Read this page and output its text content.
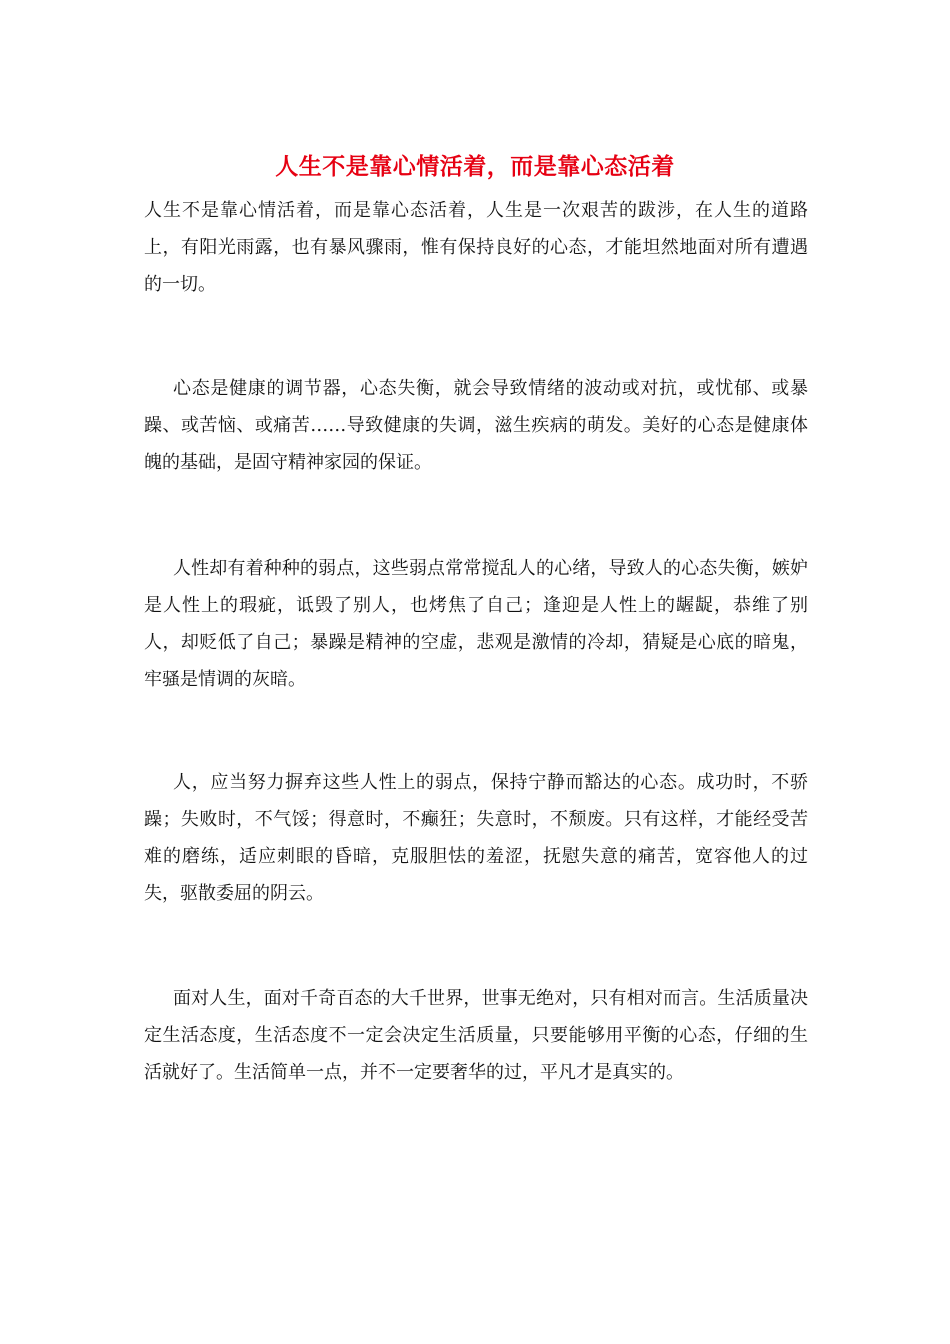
人生不是靠心情活着，而是靠心态活着

人生不是靠心情活着，而是靠心态活着，人生是一次艰苦的跋涉，在人生的道路上，有阳光雨露，也有暴风骤雨，惟有保持良好的心态，才能坦然地面对所有遭遇的一切。

心态是健康的调节器，心态失衡，就会导致情绪的波动或对抗，或忧郁、或暴躁、或苦恼、或痛苦……导致健康的失调，滋生疾病的萌发。美好的心态是健康体魄的基础，是固守精神家园的保证。

人性却有着种种的弱点，这些弱点常常搅乱人的心绪，导致人的心态失衡，嫉妒是人性上的瑕疵，诋毁了别人，也烤焦了自己；逢迎是人性上的龌龊，恭维了别人，却贬低了自己；暴躁是精神的空虚，悲观是激情的冷却，猜疑是心底的暗鬼，牢骚是情调的灰暗。

人，应当努力摒弃这些人性上的弱点，保持宁静而豁达的心态。成功时，不骄躁；失败时，不气馁；得意时，不癫狂；失意时，不颓废。只有这样，才能经受苦难的磨练，适应刺眼的昏暗，克服胆怯的羞涩，抚慰失意的痛苦，宽容他人的过失，驱散委屈的阴云。

面对人生，面对千奇百态的大千世界，世事无绝对，只有相对而言。生活质量决定生活态度，生活态度不一定会决定生活质量，只要能够用平衡的心态，仔细的生活就好了。生活简单一点，并不一定要奢华的过，平凡才是真实的。
